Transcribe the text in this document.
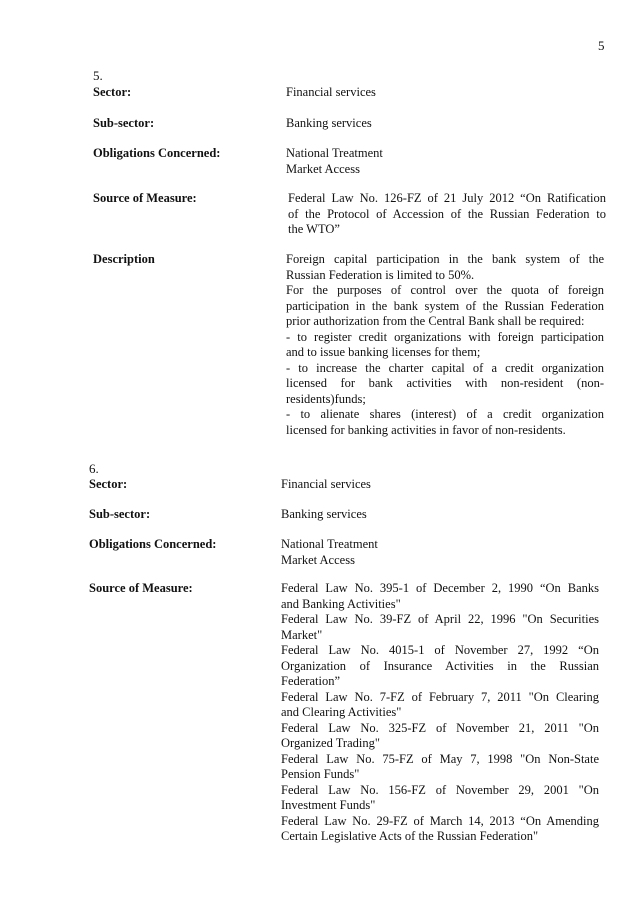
5
5.
Sector:	Financial services
Sub-sector:	Banking services
Obligations Concerned:	National Treatment
Market Access
Source of Measure:	Federal Law No. 126-FZ of 21 July 2012 “On Ratification
of the Protocol of Accession of the Russian Federation to
the WTO”
Description	Foreign capital participation in the bank system of the
Russian Federation is limited to 50%.
For the purposes of control over the quota of foreign
participation in the bank system of the Russian Federation
prior authorization from the Central Bank shall be required:
- to register credit organizations with foreign participation
and to issue banking licenses for them;
- to increase the charter capital of a credit organization
licensed for bank activities with non-resident (non-
residents)funds;
- to alienate shares (interest) of a credit organization
licensed for banking activities in favor of non-residents.
6.
Sector:	Financial services
Sub-sector:	Banking services
Obligations Concerned:	National Treatment
Market Access
Source of Measure:	Federal Law No. 395-1 of December 2, 1990 “On Banks
and Banking Activities"
Federal Law No. 39-FZ of April 22, 1996 "On Securities
Market"
Federal Law No. 4015-1 of November 27, 1992 “On
Organization of Insurance Activities in the Russian
Federation”
Federal Law No. 7-FZ of February 7, 2011 "On Clearing
and Clearing Activities"
Federal Law No. 325-FZ of November 21, 2011 "On
Organized Trading"
Federal Law No. 75-FZ of May 7, 1998 "On Non-State
Pension Funds"
Federal Law No. 156-FZ of November 29, 2001 "On
Investment Funds"
Federal Law No. 29-FZ of March 14, 2013 “On Amending
Certain Legislative Acts of the Russian Federation"
